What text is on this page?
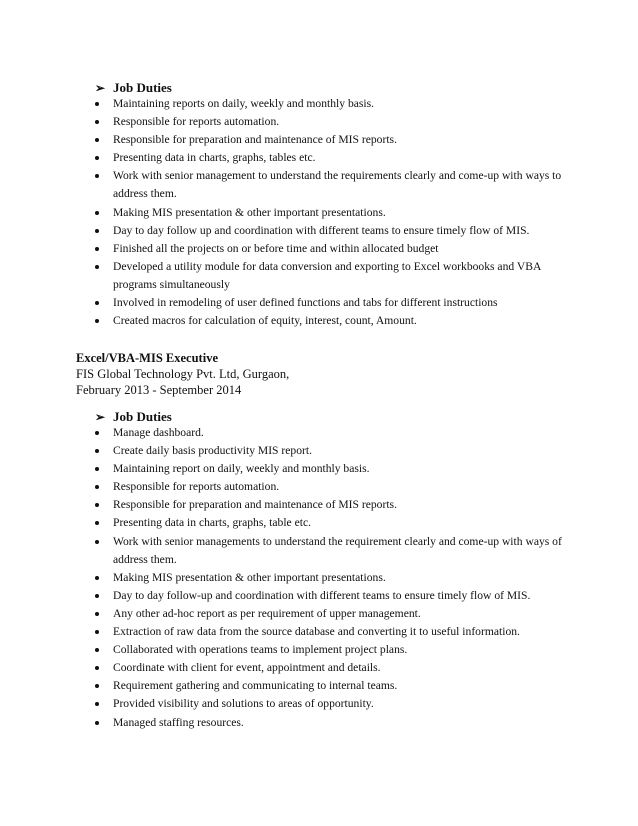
➢ Job Duties
Maintaining reports on daily, weekly and monthly basis.
Responsible for reports automation.
Responsible for preparation and maintenance of MIS reports.
Presenting data in charts, graphs, tables etc.
Work with senior management to understand the requirements clearly and come-up with ways to address them.
Making MIS presentation & other important presentations.
Day to day follow up and coordination with different teams to ensure timely flow of MIS.
Finished all the projects on or before time and within allocated budget
Developed a utility module for data conversion and exporting to Excel workbooks and VBA programs simultaneously
Involved in remodeling of user defined functions and tabs for different instructions
Created macros for calculation of equity, interest, count, Amount.
Excel/VBA-MIS Executive
FIS Global Technology Pvt. Ltd, Gurgaon,
February 2013 - September 2014
➢ Job Duties
Manage dashboard.
Create daily basis productivity MIS report.
Maintaining report on daily, weekly and monthly basis.
Responsible for reports automation.
Responsible for preparation and maintenance of MIS reports.
Presenting data in charts, graphs, table etc.
Work with senior managements to understand the requirement clearly and come-up with ways of address them.
Making MIS presentation & other important presentations.
Day to day follow-up and coordination with different teams to ensure timely flow of MIS.
Any other ad-hoc report as per requirement of upper management.
Extraction of raw data from the source database and converting it to useful information.
Collaborated with operations teams to implement project plans.
Coordinate with client for event, appointment and details.
Requirement gathering and communicating to internal teams.
Provided visibility and solutions to areas of opportunity.
Managed staffing resources.
